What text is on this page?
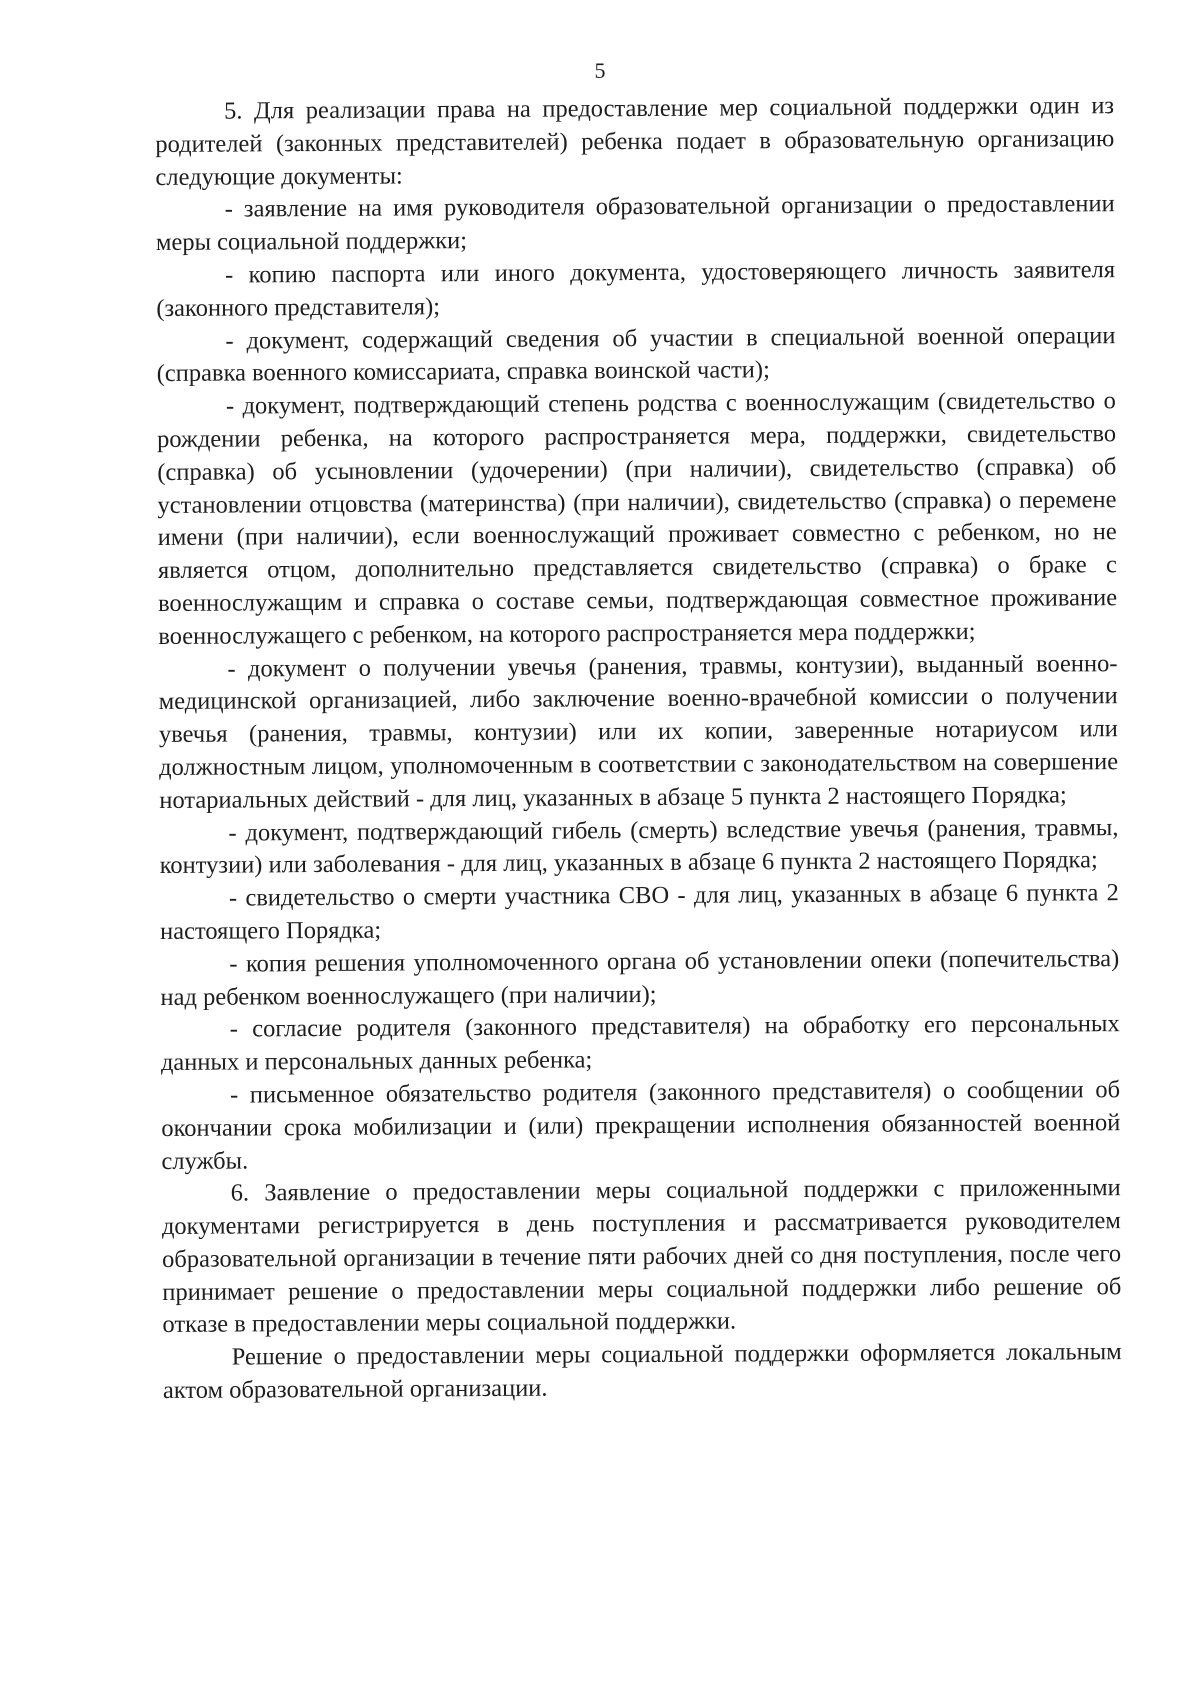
5

5. Для реализации права на предоставление мер социальной поддержки один из родителей (законных представителей) ребенка подает в образовательную организацию следующие документы:

- заявление на имя руководителя образовательной организации о предоставлении меры социальной поддержки;

- копию паспорта или иного документа, удостоверяющего личность заявителя (законного представителя);

- документ, содержащий сведения об участии в специальной военной операции (справка военного комиссариата, справка воинской части);

- документ, подтверждающий степень родства с военнослужащим (свидетельство о рождении ребенка, на которого распространяется мера, поддержки, свидетельство (справка) об усыновлении (удочерении) (при наличии), свидетельство (справка) об установлении отцовства (материнства) (при наличии), свидетельство (справка) о перемене имени (при наличии), если военнослужащий проживает совместно с ребенком, но не является отцом, дополнительно представляется свидетельство (справка) о браке с военнослужащим и справка о составе семьи, подтверждающая совместное проживание военнослужащего с ребенком, на которого распространяется мера поддержки;

- документ о получении увечья (ранения, травмы, контузии), выданный военно-медицинской организацией, либо заключение военно-врачебной комиссии о получении увечья (ранения, травмы, контузии) или их копии, заверенные нотариусом или должностным лицом, уполномоченным в соответствии с законодательством на совершение нотариальных действий - для лиц, указанных в абзаце 5 пункта 2 настоящего Порядка;

- документ, подтверждающий гибель (смерть) вследствие увечья (ранения, травмы, контузии) или заболевания - для лиц, указанных в абзаце 6 пункта 2 настоящего Порядка;

- свидетельство о смерти участника СВО - для лиц, указанных в абзаце 6 пункта 2 настоящего Порядка;

- копия решения уполномоченного органа об установлении опеки (попечительства) над ребенком военнослужащего (при наличии);

- согласие родителя (законного представителя) на обработку его персональных данных и персональных данных ребенка;

- письменное обязательство родителя (законного представителя) о сообщении об окончании срока мобилизации и (или) прекращении исполнения обязанностей военной службы.

6. Заявление о предоставлении меры социальной поддержки с приложенными документами регистрируется в день поступления и рассматривается руководителем образовательной организации в течение пяти рабочих дней со дня поступления, после чего принимает решение о предоставлении меры социальной поддержки либо решение об отказе в предоставлении меры социальной поддержки.

Решение о предоставлении меры социальной поддержки оформляется локальным актом образовательной организации.
